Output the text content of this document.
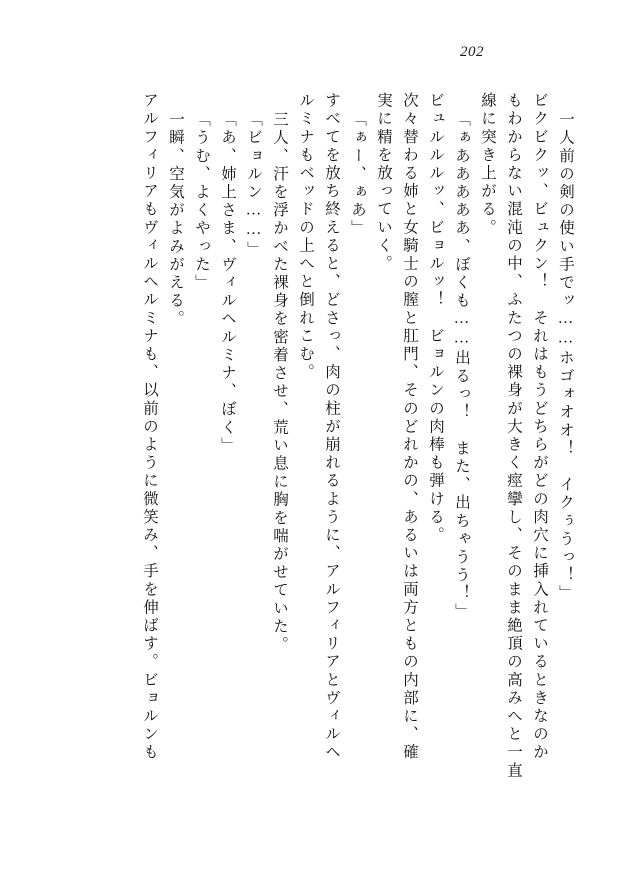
202
一人前の剣の使い手でッ……ホゴォオオ！　イクぅうっ！」
ビクビクッ、ビュクン！　それはもうどちらがどの肉穴に挿入れているときなのか
もわからない混沌の中、ふたつの裸身が大きく痙攣し、そのまま絶頂の高みへと一直
線に突き上がる。
「ぁあああああ、ぼくも……出るっ！　また、出ちゃうう！」
ビュルルルッ、ビョルッ！　ビョルンの肉棒も弾ける。
次々替わる姉と女騎士の膣と肛門、そのどれかの、あるいは両方ともの内部に、確
実に精を放っていく。
「ぁー、ぁあ」
すべてを放ち終えると、どさっ、肉の柱が崩れるように、アルフィリアとヴィルヘ
ルミナもベッドの上へと倒れこむ。
三人、汗を浮かべた裸身を密着させ、荒い息に胸を喘がせていた。
「ビョルン……」
「あ、姉上さま、ヴィルヘルミナ、ぼく」
「うむ、よくやった」
一瞬、空気がよみがえる。
アルフィリアもヴィルヘルミナも、以前のように微笑み、手を伸ばす。ビョルンも
